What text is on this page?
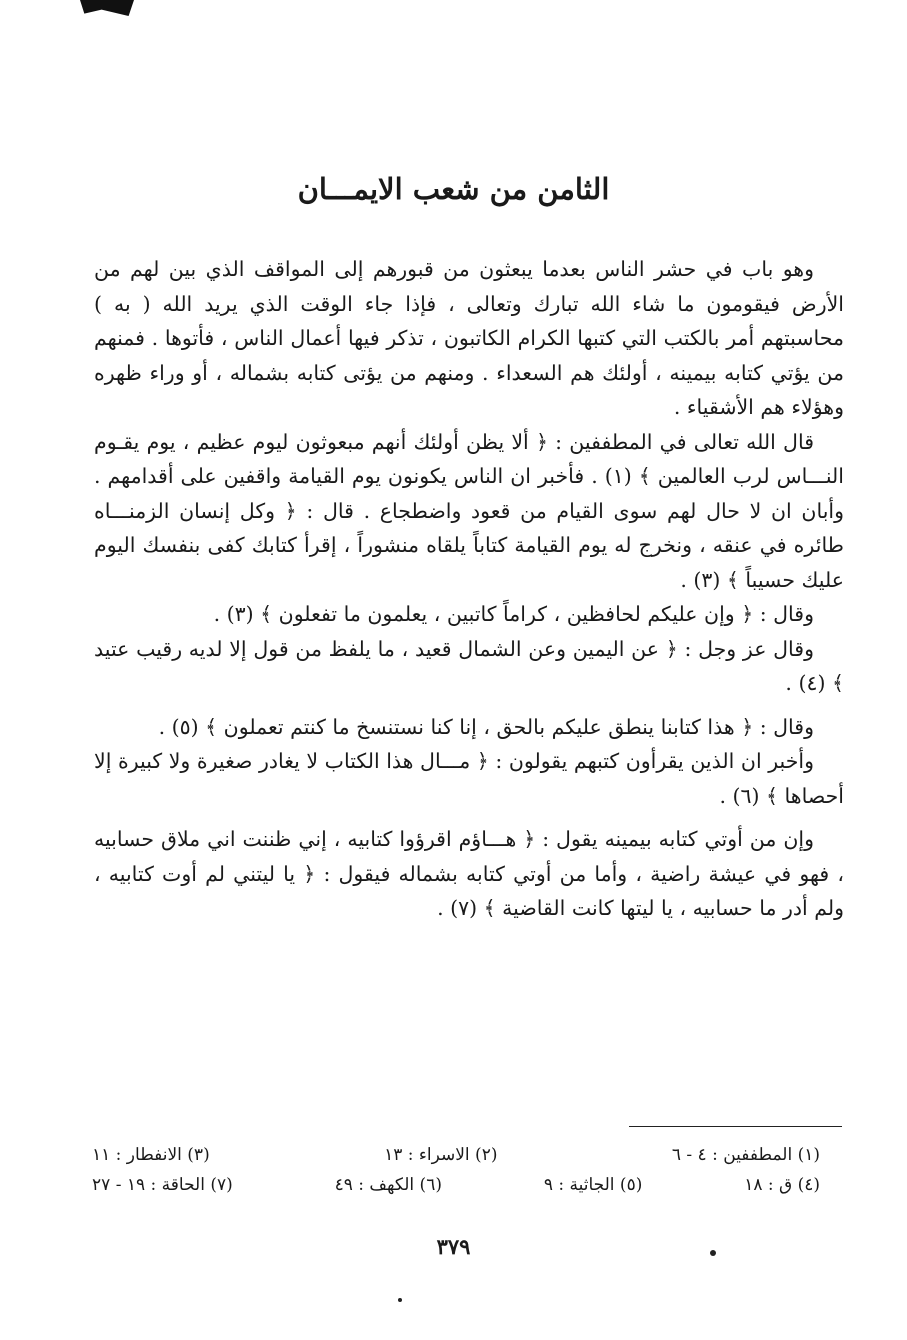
الثامن من شعب الايمـــان

وهو باب في حشر الناس بعدما يبعثون من قبورهم إلى المواقف الذي بين لهم من الأرض فيقومون ما شاء الله تبارك وتعالى ، فإذا جاء الوقت الذي يريد الله ( به ) محاسبتهم أمر بالكتب التي كتبها الكرام الكاتبون ، تذكر فيها أعمال الناس ، فأتوها . فمنهم من يؤتي كتابه بيمينه ، أولئك هم السعداء . ومنهم من يؤتى كتابه بشماله ، أو وراء ظهره وهؤلاء هم الأشقياء .

قال الله تعالى في المطففين : ﴿ ألا يظن أولئك أنهم مبعوثون ليوم عظيم ، يوم يقـوم النـــاس لرب العالمين ﴾ (١) . فأخبر ان الناس يكونون يوم القيامة واقفين على أقدامهم . وأبان ان لا حال لهم سوى القيام من قعود واضطجاع . قال : ﴿ وكل إنسان الزمنـــاه طائره في عنقه ، ونخرج له يوم القيامة كتاباً يلقاه منشوراً ، إقرأ كتابك كفى بنفسك اليوم عليك حسيباً ﴾ (٣) .

وقال : ﴿ وإن عليكم لحافظين ، كراماً كاتبين ، يعلمون ما تفعلون ﴾ (٣) .

وقال عز وجل : ﴿ عن اليمين وعن الشمال قعيد ، ما يلفظ من قول إلا لديه رقيب عتيد ﴾ (٤) .

وقال : ﴿ هذا كتابنا ينطق عليكم بالحق ، إنا كنا نستنسخ ما كنتم تعملون ﴾ (٥) .

وأخبر ان الذين يقرأون كتبهم يقولون : ﴿ مـــال هذا الكتاب لا يغادر صغيرة ولا كبيرة إلا أحصاها ﴾ (٦) .

وإن من أوتي كتابه بيمينه يقول : ﴿ هـــاؤم اقرؤوا كتابيه ، إني ظننت اني ملاق حسابيه ، فهو في عيشة راضية ، وأما من أوتي كتابه بشماله فيقول : ﴿ يا ليتني لم أوت كتابيه ، ولم أدر ما حسابيه ، يا ليتها كانت القاضية ﴾ (٧) .

(١) المطففين : ٤ - ٦
(٢) الاسراء : ١٣
(٣) الانفطار : ١١
(٤) ق : ١٨
(٥) الجاثية : ٩
(٦) الكهف : ٤٩
(٧) الحاقة : ١٩ - ٢٧
٣٧٩
